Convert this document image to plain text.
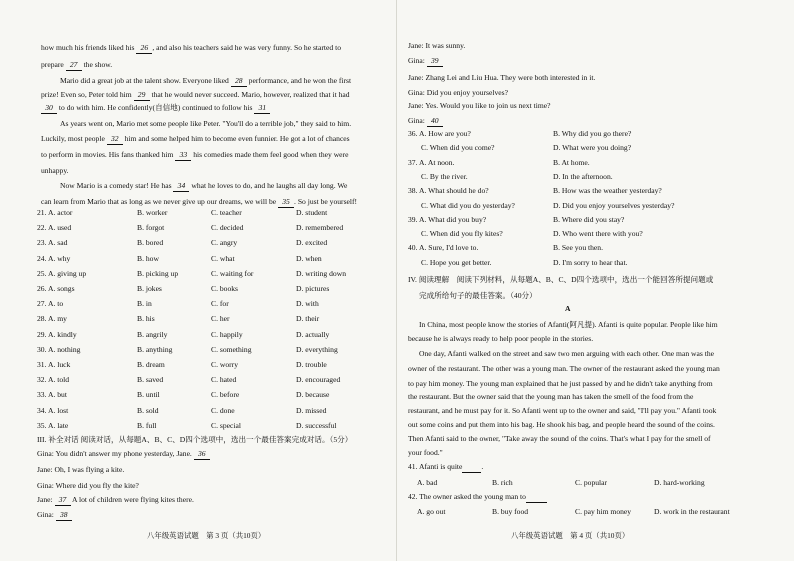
how much his friends liked his 26 , and also his teachers said he was very funny. So he started to
prepare 27 the show.
Mario did a great job at the talent show. Everyone liked 28 performance, and he won the first
prize! Even so, Peter told him 29 that he would never succeed. Mario, however, realized that it had
30 to do with him. He confidently(自信地) continued to follow his 31
As years went on, Mario met some people like Peter. "You'll do a terrible job," they said to him.
Luckily, most people 32 him and some helped him to become even funnier. He got a lot of chances
to perform in movies. His fans thanked him 33 his comedies made them feel good when they were
unhappy.
Now Mario is a comedy star! He has 34 what he loves to do, and he laughs all day long. We
can learn from Mario that as long as we never give up our dreams, we will be 35 . So just be yourself!
21. A. actor	B. worker	C. teacher	D. student
22. A. used	B. forgot	C. decided	D. remembered
23. A. sad	B. bored	C. angry	D. excited
24. A. why	B. how	C. what	D. when
25. A. giving up	B. picking up	C. waiting for	D. writing down
26. A. songs	B. jokes	C. books	D. pictures
27. A. to	B. in	C. for	D. with
28. A. my	B. his	C. her	D. their
29. A. kindly	B. angrily	C. happily	D. actually
30. A. nothing	B. anything	C. something	D. everything
31. A. luck	B. dream	C. worry	D. trouble
32. A. told	B. saved	C. hated	D. encouraged
33. A. but	B. until	C. before	D. because
34. A. lost	B. sold	C. done	D. missed
35. A. late	B. full	C. special	D. successful
III. 补全对话 阅读对话，从每题A、B、C、D四个选项中，选出一个最佳答案完成对话。（5分）
Gina: You didn't answer my phone yesterday, Jane. 36
Jane: Oh, I was flying a kite.
Gina: Where did you fly the kite?
Jane: 37 A lot of children were flying kites there.
Gina: 38
八年级英语试题　第 3 页（共10页）
Jane: It was sunny.
Gina: 39
Jane: Zhang Lei and Liu Hua. They were both interested in it.
Gina: Did you enjoy yourselves?
Jane: Yes. Would you like to join us next time?
Gina: 40
36. A. How are you?	B. Why did you go there?
C. When did you come?	D. What were you doing?
37. A. At noon.	B. At home.
C. By the river.	D. In the afternoon.
38. A. What should he do?	B. How was the weather yesterday?
C. What did you do yesterday?	D. Did you enjoy yourselves yesterday?
39. A. What did you buy?	B. Where did you stay?
C. When did you fly kites?	D. Who went there with you?
40. A. Sure, I'd love to.	B. See you then.
C. Hope you get better.	D. I'm sorry to hear that.
IV. 阅读理解　阅读下列材料，从每题A、B、C、D四个选项中，选出一个能回答所提问题或
完成所给句子的最佳答案。（40分）
A
In China, most people know the stories of Afanti(阿凡提). Afanti is quite popular. People like him
because he is always ready to help poor people in the stories.
One day, Afanti walked on the street and saw two men arguing with each other. One man was the
owner of the restaurant. The other was a young man. The owner of the restaurant asked the young man
to pay him money. The young man explained that he just passed by and he didn't take anything from
the restaurant. But the owner said that the young man has taken the smell of the food from the
restaurant, and he must pay for it. So Afanti went up to the owner and said, "I'll pay you." Afanti took
out some coins and put them into his bag. He shook his bag, and people heard the sound of the coins.
Then Afanti said to the owner, "Take away the sound of the coins. That's what I pay for the smell of
your food."
41. Afanti is quite .
A. bad	B. rich	C. popular	D. hard-working
42. The owner asked the young man to
A. go out	B. buy food	C. pay him money	D. work in the restaurant
八年级英语试题　第 4 页（共10页）
